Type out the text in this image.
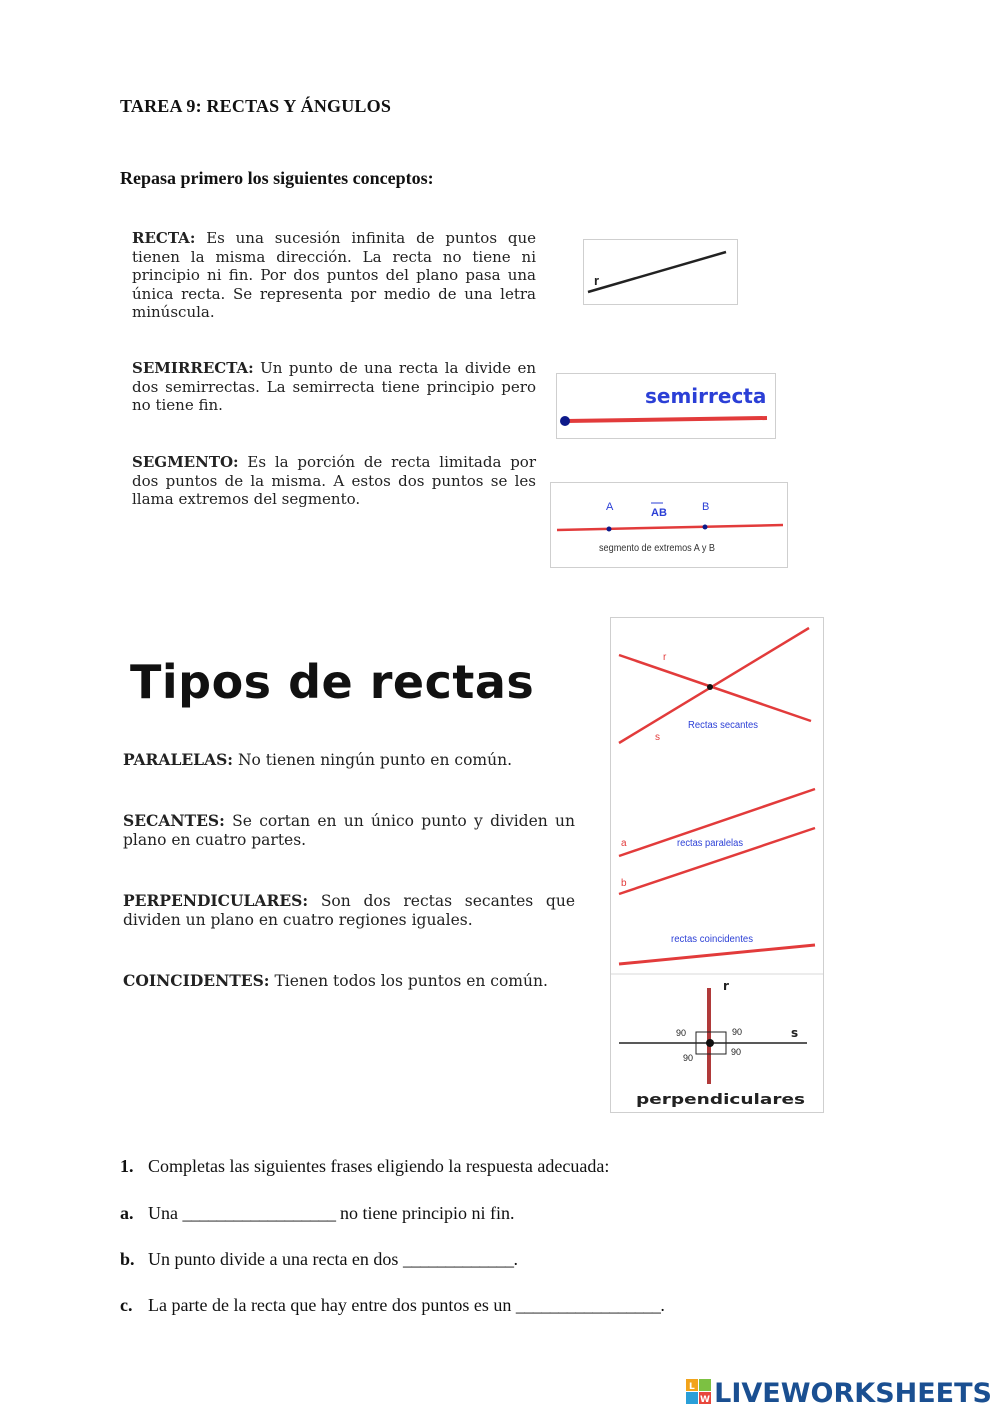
TAREA 9: RECTAS Y ÁNGULOS
Repasa primero los siguientes conceptos:
RECTA: Es una sucesión infinita de puntos que tienen la misma dirección. La recta no tiene ni principio ni fin. Por dos puntos del plano pasa una única recta. Se representa por medio de una letra minúscula.
r
SEMIRRECTA: Un punto de una recta la divide en dos semirrectas. La semirrecta tiene principio pero no tiene fin.	semirrecta
SEGMENTO: Es la porción de recta limitada por dos puntos de la misma. A estos dos puntos se les llama extremos del segmento.	A	AB	B
segmento de extremos A y B
Tipos de rectas
PARALELAS: No tienen ningún punto en común.
SECANTES: Se cortan en un único punto y dividen un plano en cuatro partes.
PERPENDICULARES: Son dos rectas secantes que dividen un plano en cuatro regiones iguales.
COINCIDENTES: Tienen todos los puntos en común.
r
s
Rectas secantes
a
b
rectas paralelas
rectas coincidentes
r
s
90	90
90
90
perpendiculares
1. Completas las siguientes frases eligiendo la respuesta adecuada:
a. Una __________________ no tiene principio ni fin.
b. Un punto divide a una recta en dos _____________.
c. La parte de la recta que hay entre dos puntos es un _________________.
L
W LIVEWORKSHEETS
